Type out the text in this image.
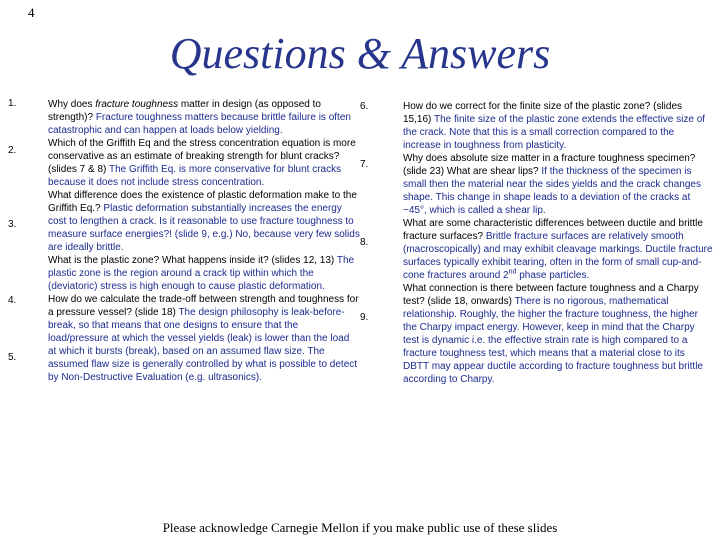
4
Questions & Answers
1.
2.
3.
4.
5.
6.
7.
8.
9.

Why does fracture toughness matter in design (as opposed to strength)? Fracture toughness matters because brittle failure is often catastrophic and can happen at loads below yielding.

Which of the Griffith Eq and the stress concentration equation is more conservative as an estimate of breaking strength for blunt cracks? (slides 7 & 8) The Griffith Eq. is more conservative for blunt cracks because it does not include stress concentration.

What difference does the existence of plastic deformation make to the Griffith Eq.? Plastic deformation substantially increases the energy cost to lengthen a crack. Is it reasonable to use fracture toughness to measure surface energies?! (slide 9, e.g.) No, because very few solids are ideally brittle.

What is the plastic zone? What happens inside it? (slides 12, 13) The plastic zone is the region around a crack tip within which the (deviatoric) stress is high enough to cause plastic deformation.

How do we calculate the trade-off between strength and toughness for a pressure vessel? (slide 18) The design philosophy is leak-before-break, so that means that one designs to ensure that the load/pressure at which the vessel yields (leak) is lower than the load at which it bursts (break), based on an assumed flaw size. The assumed flaw size is generally controlled by what is possible to detect by Non-Destructive Evaluation (e.g. ultrasonics).

How do we correct for the finite size of the plastic zone? (slides 15,16) The finite size of the plastic zone extends the effective size of the crack. Note that this is a small correction compared to the increase in toughness from plasticity.

Why does absolute size matter in a fracture toughness specimen? (slide 23) What are shear lips? If the thickness of the specimen is small then the material near the sides yields and the crack changes shape. This change in shape leads to a deviation of the cracks at ~45°, which is called a shear lip.

What are some characteristic differences between ductile and brittle fracture surfaces? Brittle fracture surfaces are relatively smooth (macroscopically) and may exhibit cleavage markings. Ductile fracture surfaces typically exhibit tearing, often in the form of small cup-and-cone fractures around 2nd phase particles.

What connection is there between facture toughness and a Charpy test? (slide 18, onwards) There is no rigorous, mathematical relationship. Roughly, the higher the fracture toughness, the higher the Charpy impact energy. However, keep in mind that the Charpy test is dynamic i.e. the effective strain rate is high compared to a fracture toughness test, which means that a material close to its DBTT may appear ductile according to fracture toughness but brittle according to Charpy.

Please acknowledge Carnegie Mellon if you make public use of these slides
